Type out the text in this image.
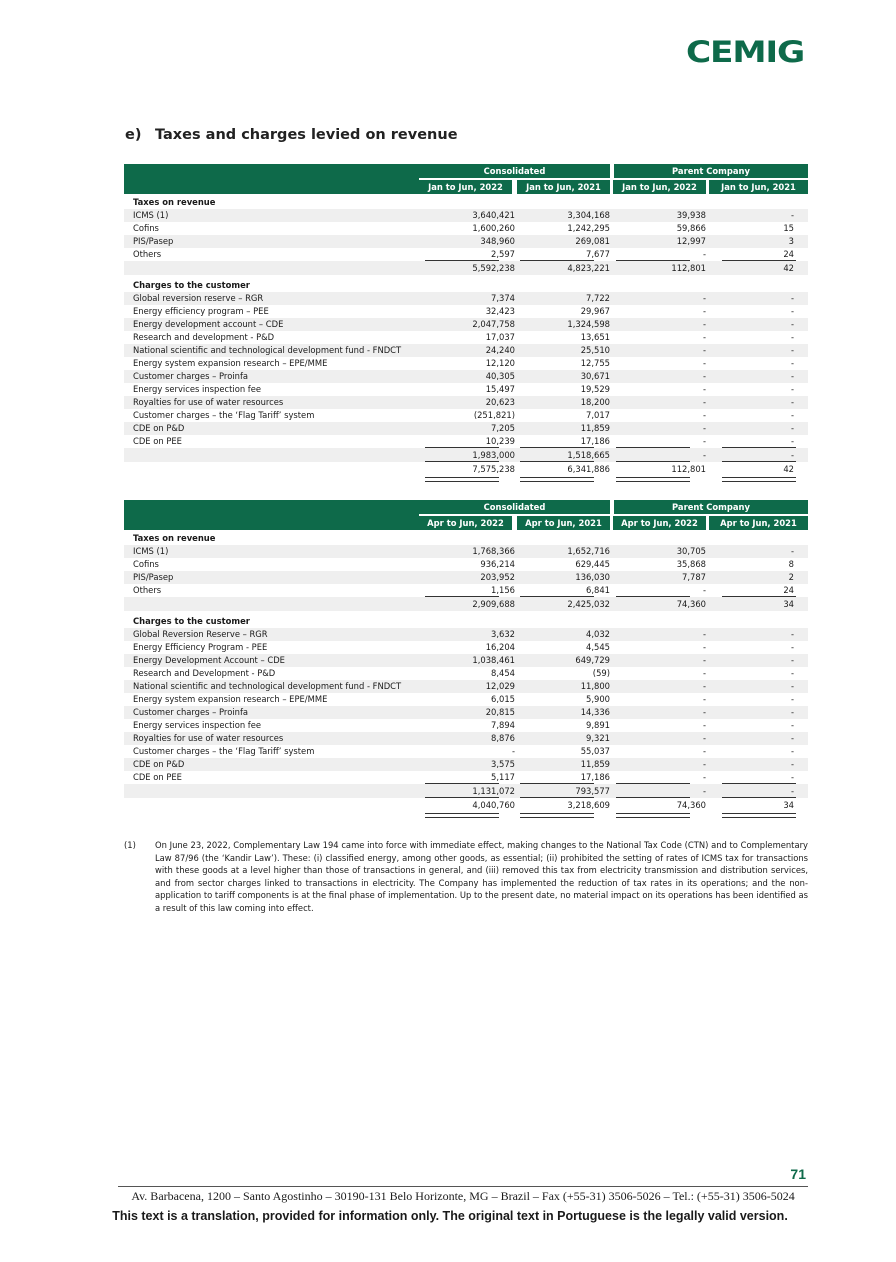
CEMIG
e) Taxes and charges levied on revenue
Consolidated	Parent Company
Jan to Jun, 2022	Jan to Jun, 2021	Jan to Jun, 2022	Jan to Jun, 2021
Taxes on revenue
ICMS (1)	3,640,421	3,304,168	39,938	-
Cofins	1,600,260	1,242,295	59,866	15
PIS/Pasep	348,960	269,081	12,997	3
Others	2,597	7,677	-	24
5,592,238	4,823,221	112,801	42
Charges to the customer
Global reversion reserve – RGR	7,374	7,722	-	-
Energy efficiency program – PEE	32,423	29,967	-	-
Energy development account – CDE	2,047,758	1,324,598	-	-
Research and development - P&D	17,037	13,651	-	-
National scientific and technological development fund - FNDCT	24,240	25,510	-	-
Energy system expansion research – EPE/MME	12,120	12,755	-	-
Customer charges – Proinfa	40,305	30,671	-	-
Energy services inspection fee	15,497	19,529	-	-
Royalties for use of water resources	20,623	18,200	-	-
Customer charges – the ‘Flag Tariff’ system	(251,821)	7,017	-	-
CDE on P&D	7,205	11,859	-	-
CDE on PEE	10,239	17,186	-	-
1,983,000	1,518,665	-	-
7,575,238	6,341,886	112,801	42
Consolidated	Parent Company
Apr to Jun, 2022	Apr to Jun, 2021	Apr to Jun, 2022	Apr to Jun, 2021
Taxes on revenue
ICMS (1)	1,768,366	1,652,716	30,705	-
Cofins	936,214	629,445	35,868	8
PIS/Pasep	203,952	136,030	7,787	2
Others	1,156	6,841	-	24
2,909,688	2,425,032	74,360	34
Charges to the customer
Global Reversion Reserve – RGR	3,632	4,032	-	-
Energy Efficiency Program - PEE	16,204	4,545	-	-
Energy Development Account – CDE	1,038,461	649,729	-	-
Research and Development - P&D	8,454	(59)	-	-
National scientific and technological development fund - FNDCT	12,029	11,800	-	-
Energy system expansion research – EPE/MME	6,015	5,900	-	-
Customer charges – Proinfa	20,815	14,336	-	-
Energy services inspection fee	7,894	9,891	-	-
Royalties for use of water resources	8,876	9,321	-	-
Customer charges – the ‘Flag Tariff’ system	-	55,037	-	-
CDE on P&D	3,575	11,859	-	-
CDE on PEE	5,117	17,186	-	-
1,131,072	793,577	-	-
4,040,760	3,218,609	74,360	34
(1) On June 23, 2022, Complementary Law 194 came into force with immediate effect, making changes to the National Tax Code (CTN) and to Complementary Law 87/96 (the ‘Kandir Law’). These: (i) classified energy, among other goods, as essential; (ii) prohibited the setting of rates of ICMS tax for transactions with these goods at a level higher than those of transactions in general, and (iii) removed this tax from electricity transmission and distribution services, and from sector charges linked to transactions in electricity. The Company has implemented the reduction of tax rates in its operations; and the non-application to tariff components is at the final phase of implementation. Up to the present date, no material impact on its operations has been identified as a result of this law coming into effect.
71
Av. Barbacena, 1200 – Santo Agostinho – 30190-131 Belo Horizonte, MG – Brazil – Fax (+55-31) 3506-5026 – Tel.: (+55-31) 3506-5024
This text is a translation, provided for information only. The original text in Portuguese is the legally valid version.
